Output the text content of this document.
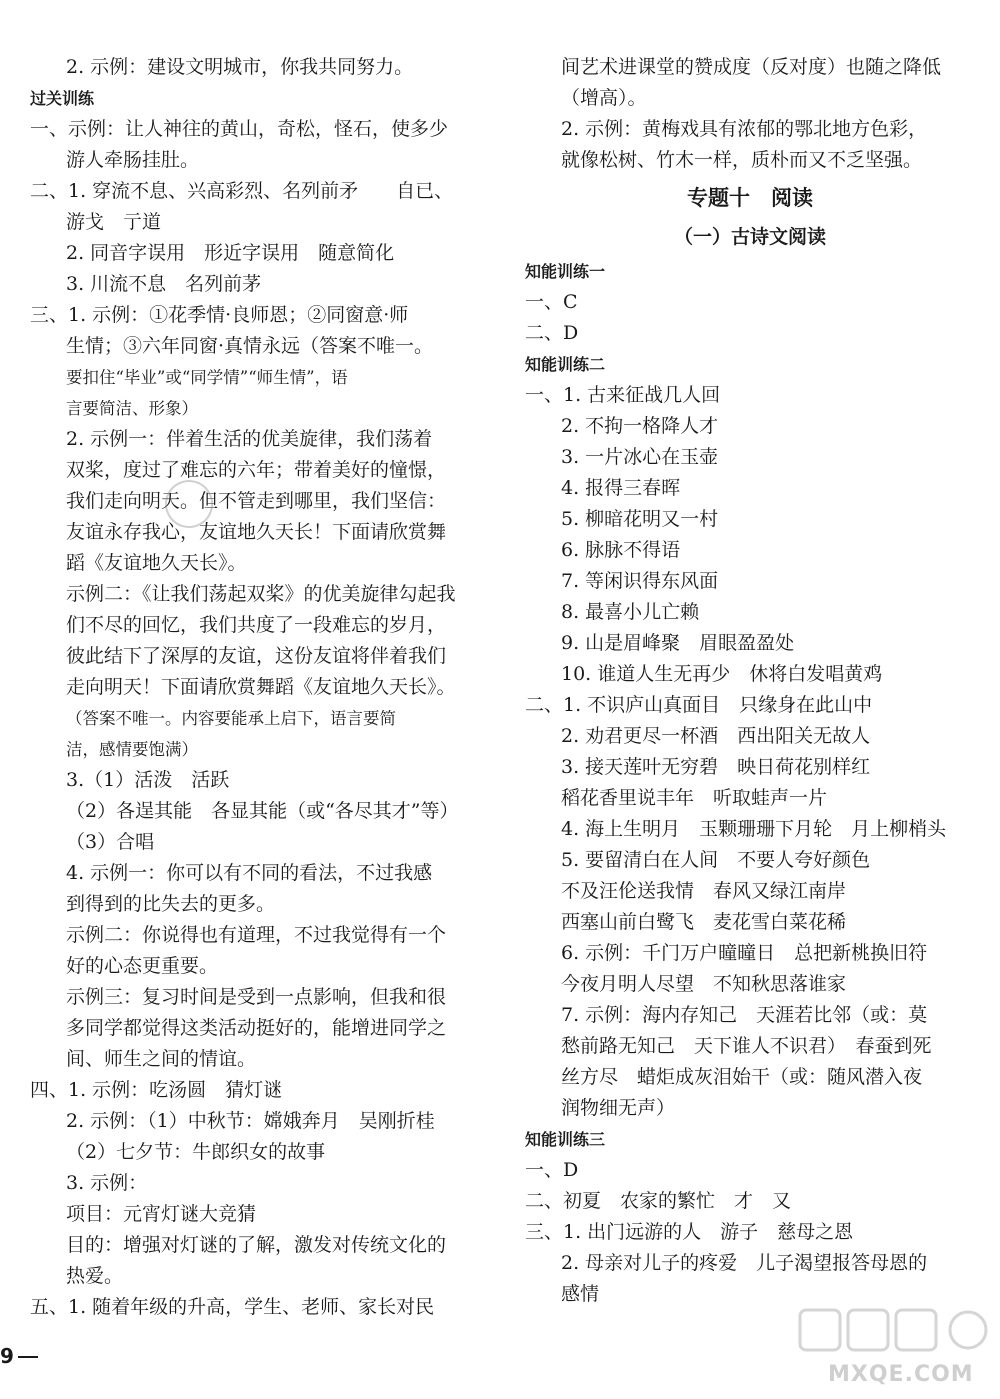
2. 示例：建设文明城市，你我共同努力。
过关训练
一、示例：让人神往的黄山，奇松，怪石，使多少
游人牵肠挂肚。
二、1. 穿流不息、兴高彩烈、名列前矛　　自已、
游戈　亍道
2. 同音字误用　形近字误用　随意简化
3. 川流不息　名列前茅
三、1. 示例：①花季情·良师恩；②同窗意·师
生情；③六年同窗·真情永远（答案不唯一。
要扣住“毕业”或“同学情”“师生情”，语
言要简洁、形象）
2. 示例一：伴着生活的优美旋律，我们荡着
双桨，度过了难忘的六年；带着美好的憧憬，
我们走向明天。但不管走到哪里，我们坚信：
友谊永存我心，友谊地久天长！下面请欣赏舞
蹈《友谊地久天长》。
示例二：《让我们荡起双桨》的优美旋律勾起我
们不尽的回忆，我们共度了一段难忘的岁月，
彼此结下了深厚的友谊，这份友谊将伴着我们
走向明天！下面请欣赏舞蹈《友谊地久天长》。
（答案不唯一。内容要能承上启下，语言要简
洁，感情要饱满）
3.（1）活泼　活跃
（2）各逞其能　各显其能（或“各尽其才”等）
（3）合唱
4. 示例一：你可以有不同的看法，不过我感
到得到的比失去的更多。
示例二：你说得也有道理，不过我觉得有一个
好的心态更重要。
示例三：复习时间是受到一点影响，但我和很
多同学都觉得这类活动挺好的，能增进同学之
间、师生之间的情谊。
四、1. 示例：吃汤圆　猜灯谜
2. 示例：（1）中秋节：嫦娥奔月　吴刚折桂
（2）七夕节：牛郎织女的故事
3. 示例：
项目：元宵灯谜大竞猜
目的：增强对灯谜的了解，激发对传统文化的
热爱。
五、1. 随着年级的升高，学生、老师、家长对民
间艺术进课堂的赞成度（反对度）也随之降低
（增高）。
2. 示例：黄梅戏具有浓郁的鄂北地方色彩，
就像松树、竹木一样，质朴而又不乏坚强。
专题十　阅读
（一）古诗文阅读
知能训练一
一、C
二、D
知能训练二
一、1. 古来征战几人回
2. 不拘一格降人才
3. 一片冰心在玉壶
4. 报得三春晖
5. 柳暗花明又一村
6. 脉脉不得语
7. 等闲识得东风面
8. 最喜小儿亡赖
9. 山是眉峰聚　眉眼盈盈处
10. 谁道人生无再少　休将白发唱黄鸡
二、1. 不识庐山真面目　只缘身在此山中
2. 劝君更尽一杯酒　西出阳关无故人
3. 接天莲叶无穷碧　映日荷花别样红
稻花香里说丰年　听取蛙声一片
4. 海上生明月　玉颗珊珊下月轮　月上柳梢头
5. 要留清白在人间　不要人夸好颜色
不及汪伦送我情　春风又绿江南岸
西塞山前白鹭飞　麦花雪白菜花稀
6. 示例：千门万户曈曈日　总把新桃换旧符
今夜月明人尽望　不知秋思落谁家
7. 示例：海内存知己　天涯若比邻（或：莫
愁前路无知己　天下谁人不识君）　春蚕到死
丝方尽　蜡炬成灰泪始干（或：随风潜入夜
润物细无声）
知能训练三
一、D
二、初夏　农家的繁忙　才　又
三、1. 出门远游的人　游子　慈母之恩
2. 母亲对儿子的疼爱　儿子渴望报答母恩的
感情
9
MXQE.COM
